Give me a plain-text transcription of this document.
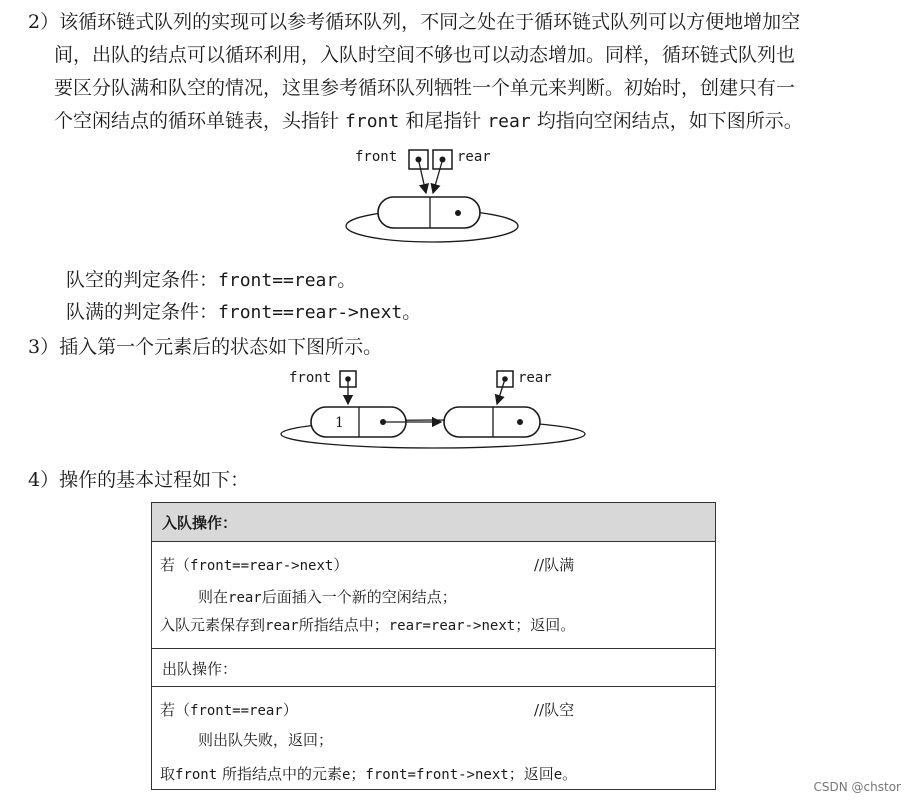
2）该循环链式队列的实现可以参考循环队列，不同之处在于循环链式队列可以方便地增加空
间，出队的结点可以循环利用，入队时空间不够也可以动态增加。同样，循环链式队列也
要区分队满和队空的情况，这里参考循环队列牺牲一个单元来判断。初始时，创建只有一
个空闲结点的循环单链表，头指针 front 和尾指针 rear 均指向空闲结点，如下图所示。
front	rear
front	rear
1

队空的判定条件：front==rear。

队满的判定条件：front==rear->next。

3）插入第一个元素后的状态如下图所示。

4）操作的基本过程如下：

入队操作：
若（front==rear->next）	//队满
则在rear后面插入一个新的空闲结点；
入队元素保存到rear所指结点中；rear=rear->next；返回。
出队操作：
若（front==rear）	//队空
则出队失败，返回；
取front 所指结点中的元素e；front=front->next；返回e。
CSDN @chstor
